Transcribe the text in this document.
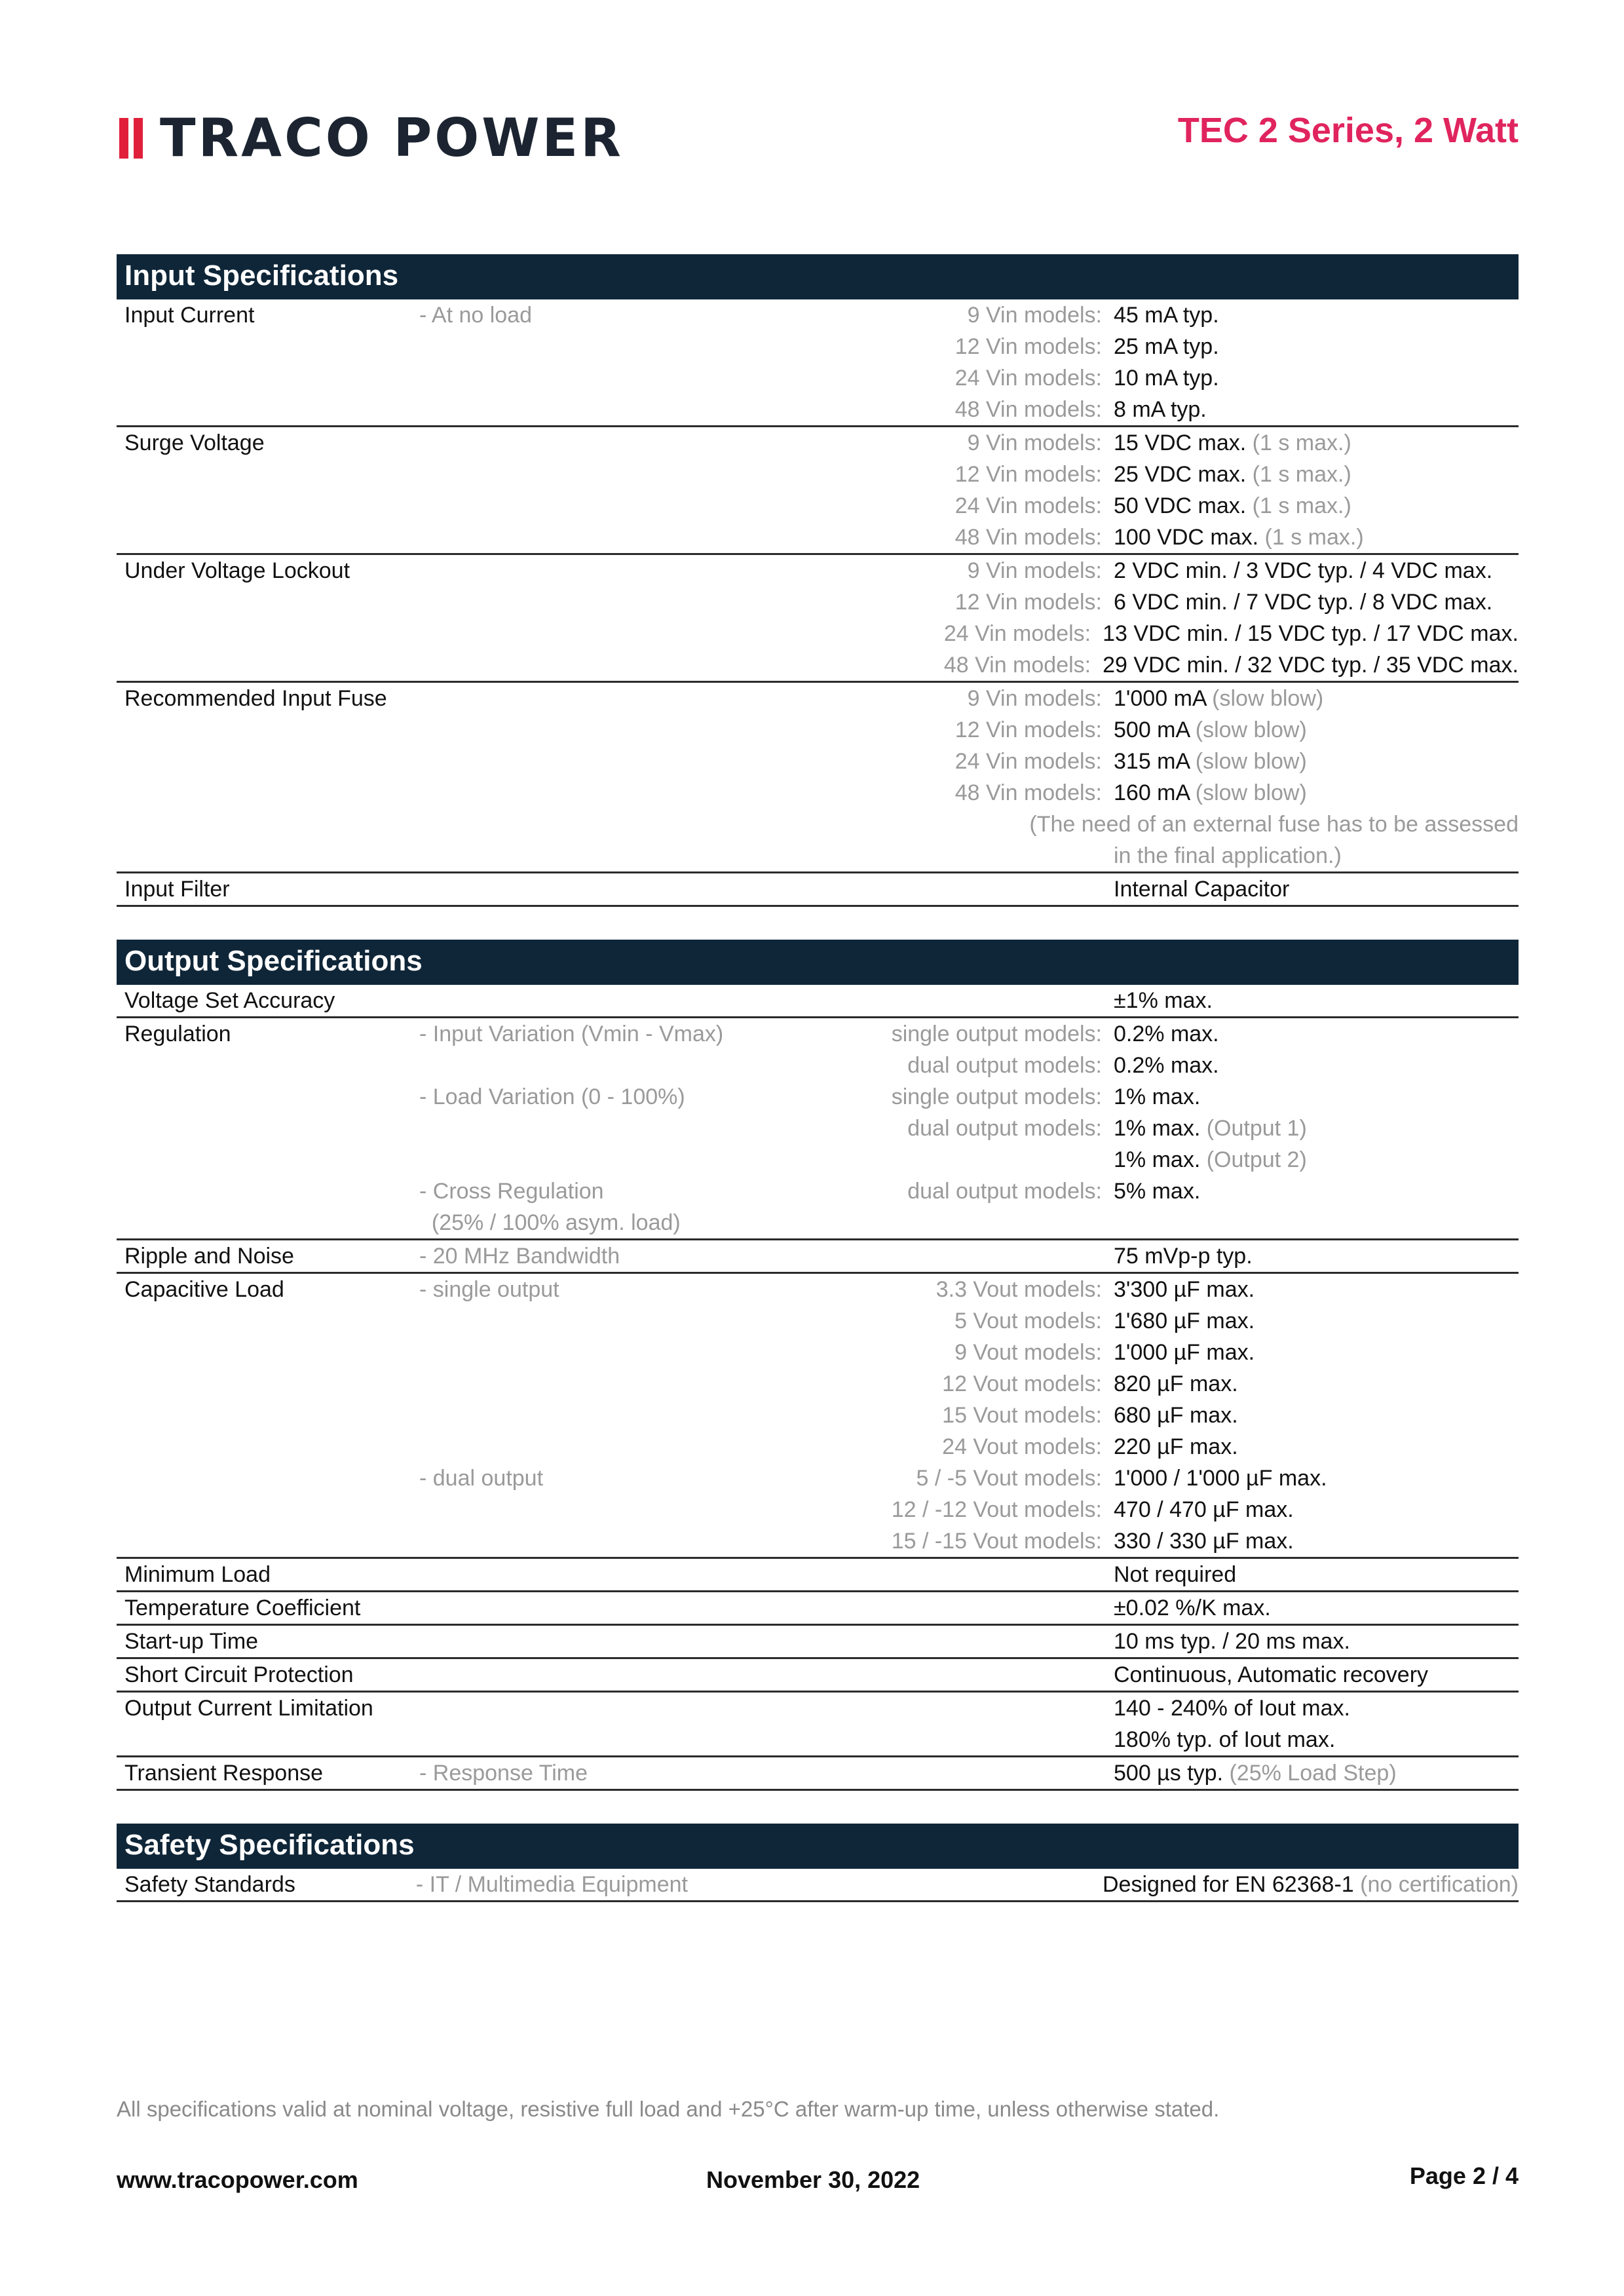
TRACO POWER	TEC 2 Series, 2 Watt
Input Specifications
Input Current	- At no load	9 Vin models: 45 mA typ.
12 Vin models: 25 mA typ.
24 Vin models: 10 mA typ.
48 Vin models: 8 mA typ.
Surge Voltage	9 Vin models: 15 VDC max. (1 s max.)
12 Vin models: 25 VDC max. (1 s max.)
24 Vin models: 50 VDC max. (1 s max.)
48 Vin models: 100 VDC max. (1 s max.)
Under Voltage Lockout	9 Vin models: 2 VDC min. / 3 VDC typ. / 4 VDC max.
12 Vin models: 6 VDC min. / 7 VDC typ. / 8 VDC max.
24 Vin models: 13 VDC min. / 15 VDC typ. / 17 VDC max.
48 Vin models: 29 VDC min. / 32 VDC typ. / 35 VDC max.
Recommended Input Fuse	9 Vin models: 1'000 mA (slow blow)
12 Vin models: 500 mA (slow blow)
24 Vin models: 315 mA (slow blow)
48 Vin models: 160 mA (slow blow)
(The need of an external fuse has to be assessed
in the final application.)
Input Filter	Internal Capacitor
Output Specifications
Voltage Set Accuracy	±1% max.
Regulation	- Input Variation (Vmin - Vmax)	single output models: 0.2% max.
dual output models: 0.2% max.
- Load Variation (0 - 100%)	single output models: 1% max.
dual output models: 1% max. (Output 1)
1% max. (Output 2)
- Cross Regulation	dual output models: 5% max.
(25% / 100% asym. load)
Ripple and Noise	- 20 MHz Bandwidth	75 mVp-p typ.
Capacitive Load	- single output	3.3 Vout models: 3'300 µF max.
5 Vout models: 1'680 µF max.
9 Vout models: 1'000 µF max.
12 Vout models: 820 µF max.
15 Vout models: 680 µF max.
24 Vout models: 220 µF max.
- dual output	5 / -5 Vout models: 1'000 / 1'000 µF max.
12 / -12 Vout models: 470 / 470 µF max.
15 / -15 Vout models: 330 / 330 µF max.
Minimum Load	Not required
Temperature Coefficient	±0.02 %/K max.
Start-up Time	10 ms typ. / 20 ms max.
Short Circuit Protection	Continuous, Automatic recovery
Output Current Limitation	140 - 240% of Iout max.
180% typ. of Iout max.
Transient Response	- Response Time	500 µs typ. (25% Load Step)
Safety Specifications
Safety Standards	- IT / Multimedia Equipment	Designed for EN 62368-1 (no certification)
All specifications valid at nominal voltage, resistive full load and +25°C after warm-up time, unless otherwise stated.
www.tracopower.com	November 30, 2022	Page 2 / 4
